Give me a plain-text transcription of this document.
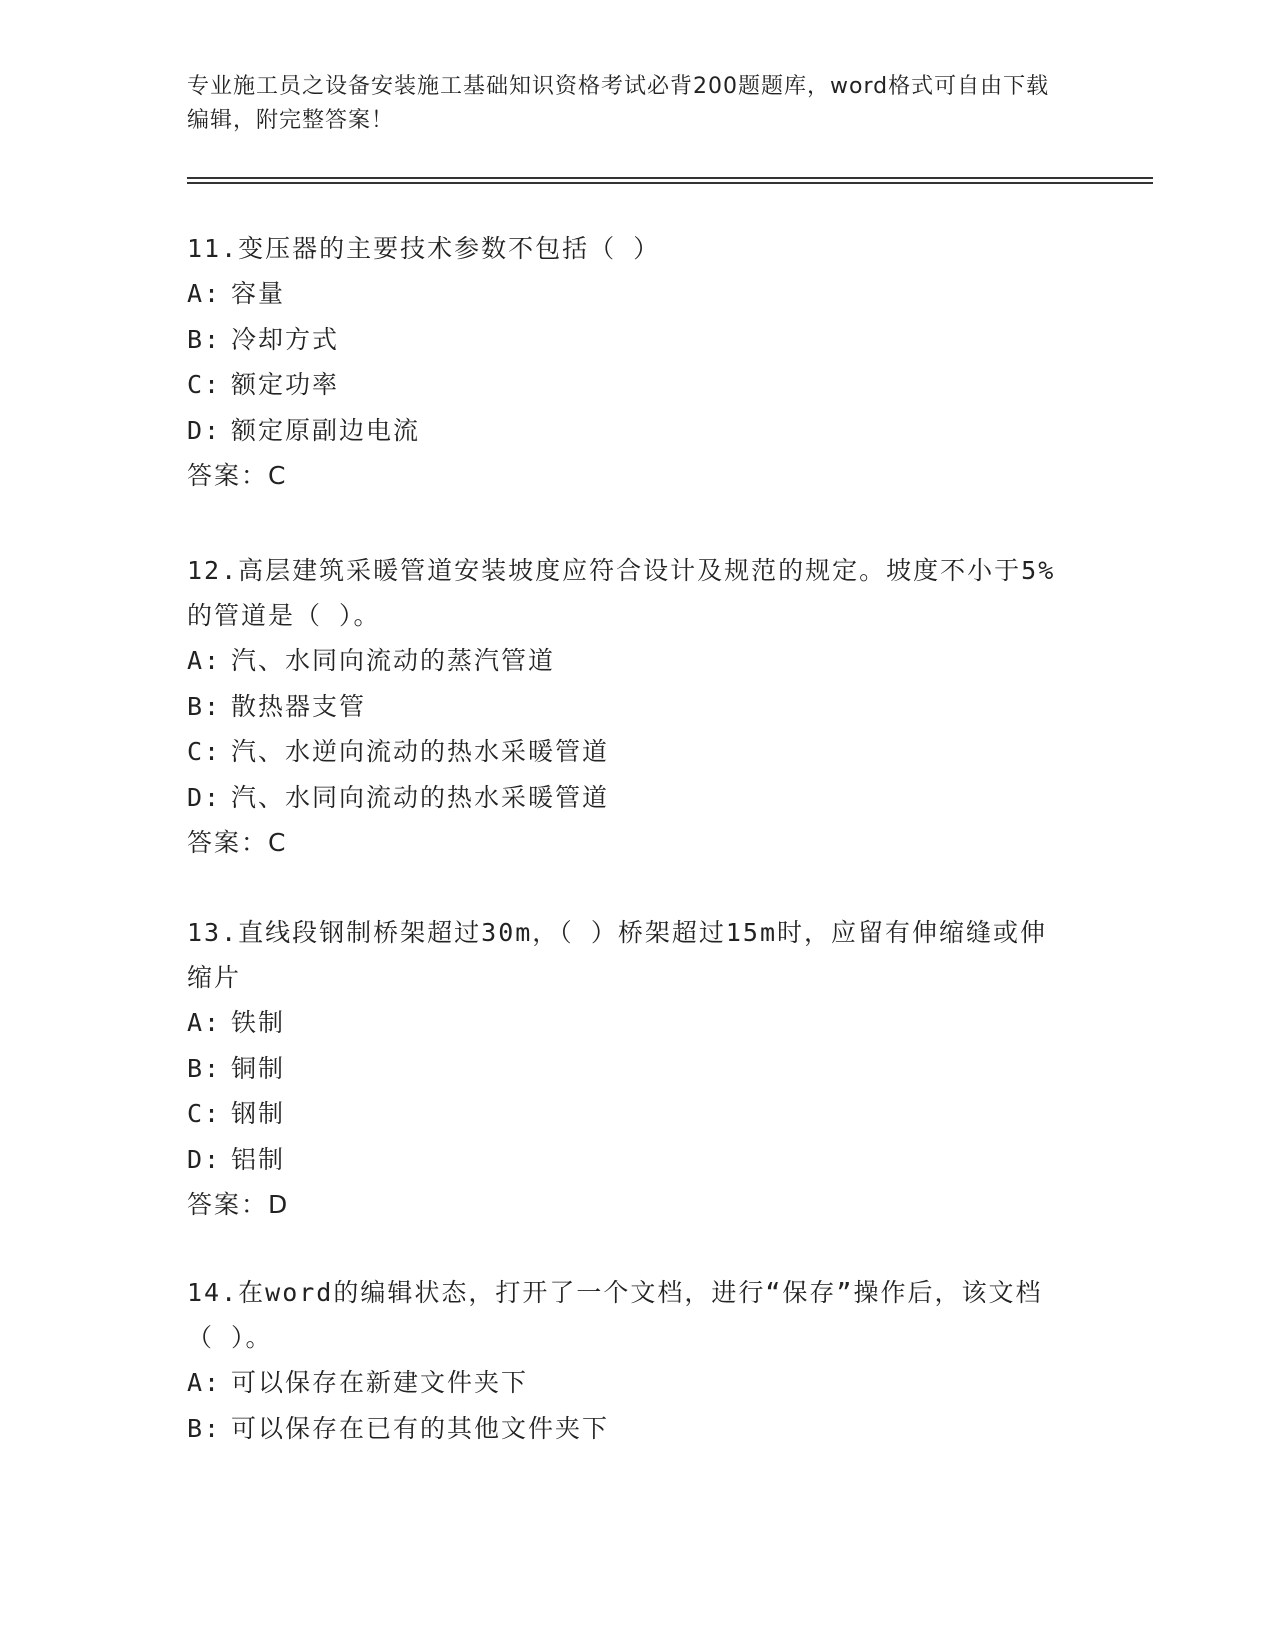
专业施工员之设备安装施工基础知识资格考试必背200题题库，word格式可自由下载编辑，附完整答案！

11.变压器的主要技术参数不包括（ ）

A: 容量

B: 冷却方式

C: 额定功率

D: 额定原副边电流

答案：C

12.高层建筑采暖管道安装坡度应符合设计及规范的规定。坡度不小于5%的管道是（ ）。

A: 汽、水同向流动的蒸汽管道

B: 散热器支管

C: 汽、水逆向流动的热水采暖管道

D: 汽、水同向流动的热水采暖管道

答案：C

13.直线段钢制桥架超过30m，（ ）桥架超过15m时，应留有伸缩缝或伸缩片

A: 铁制

B: 铜制

C: 钢制

D: 铝制

答案：D

14.在word的编辑状态，打开了一个文档，进行“保存”操作后，该文档（ ）。

A: 可以保存在新建文件夹下

B: 可以保存在已有的其他文件夹下
